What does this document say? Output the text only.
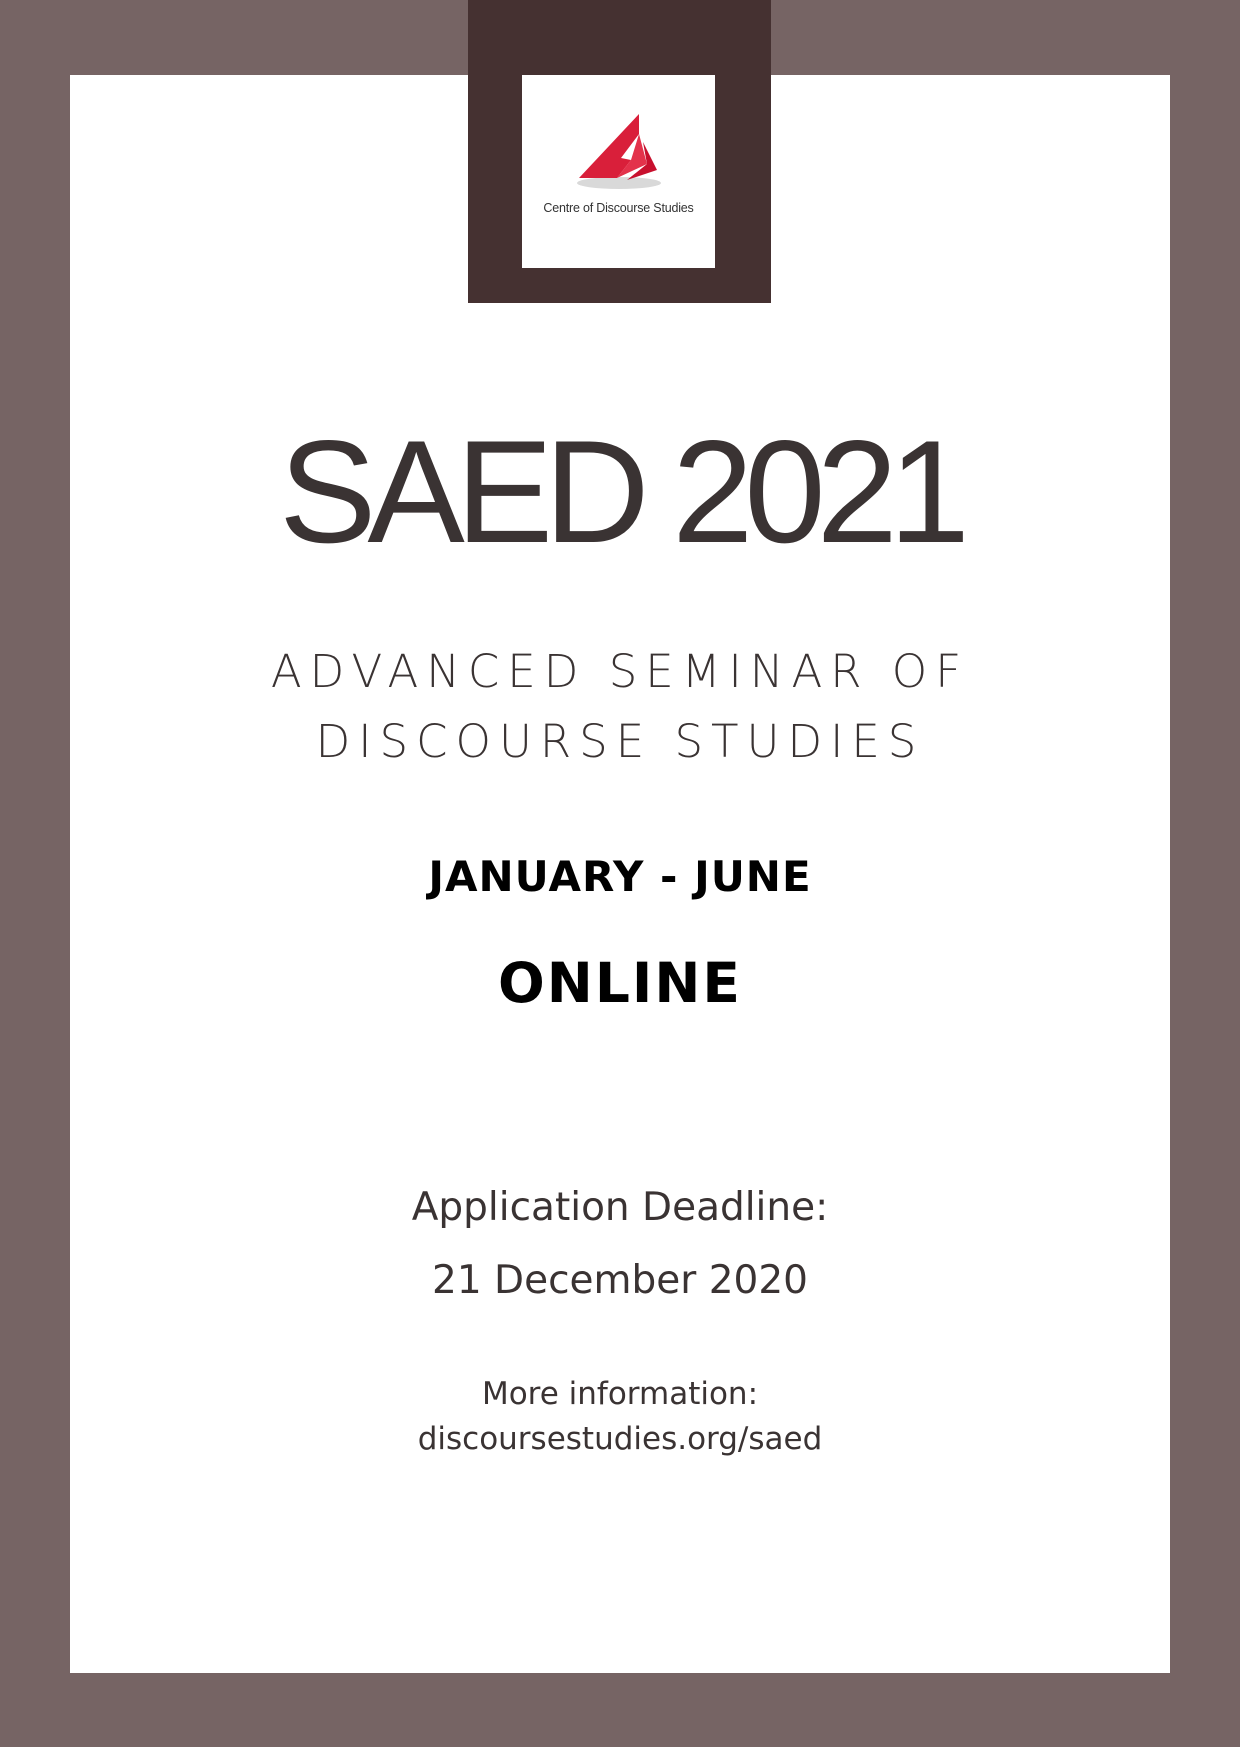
Centre of Discourse Studies
SAED 2021
ADVANCED SEMINAR OF
DISCOURSE STUDIES
JANUARY - JUNE
ONLINE
Application Deadline:
21 December 2020
More information:
discoursestudies.org/saed
